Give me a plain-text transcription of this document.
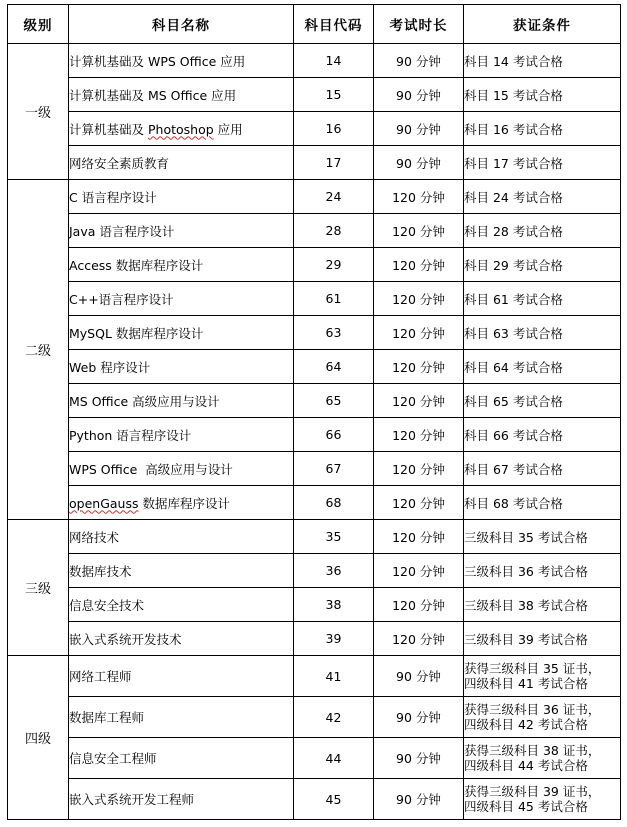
级别	科目名称	科目代码	考试时长	获证条件
一级	计算机基础及 WPS Office 应用	14	90 分钟	科目 14 考试合格
	计算机基础及 MS Office 应用	15	90 分钟	科目 15 考试合格
	计算机基础及 Photoshop 应用	16	90 分钟	科目 16 考试合格
	网络安全素质教育	17	90 分钟	科目 17 考试合格
二级	C 语言程序设计	24	120 分钟	科目 24 考试合格
	Java 语言程序设计	28	120 分钟	科目 28 考试合格
	Access 数据库程序设计	29	120 分钟	科目 29 考试合格
	C++语言程序设计	61	120 分钟	科目 61 考试合格
	MySQL 数据库程序设计	63	120 分钟	科目 63 考试合格
	Web 程序设计	64	120 分钟	科目 64 考试合格
	MS Office 高级应用与设计	65	120 分钟	科目 65 考试合格
	Python 语言程序设计	66	120 分钟	科目 66 考试合格
	WPS Office  高级应用与设计	67	120 分钟	科目 67 考试合格
	openGauss 数据库程序设计	68	120 分钟	科目 68 考试合格
三级	网络技术	35	120 分钟	三级科目 35 考试合格
	数据库技术	36	120 分钟	三级科目 36 考试合格
	信息安全技术	38	120 分钟	三级科目 38 考试合格
	嵌入式系统开发技术	39	120 分钟	三级科目 39 考试合格
四级	网络工程师	41	90 分钟	获得三级科目 35 证书，
四级科目 41 考试合格

	数据库工程师	42	90 分钟	获得三级科目 36 证书，
四级科目 42 考试合格

	信息安全工程师	44	90 分钟	获得三级科目 38 证书，
四级科目 44 考试合格

	嵌入式系统开发工程师	45	90 分钟	获得三级科目 39 证书，
四级科目 45 考试合格
